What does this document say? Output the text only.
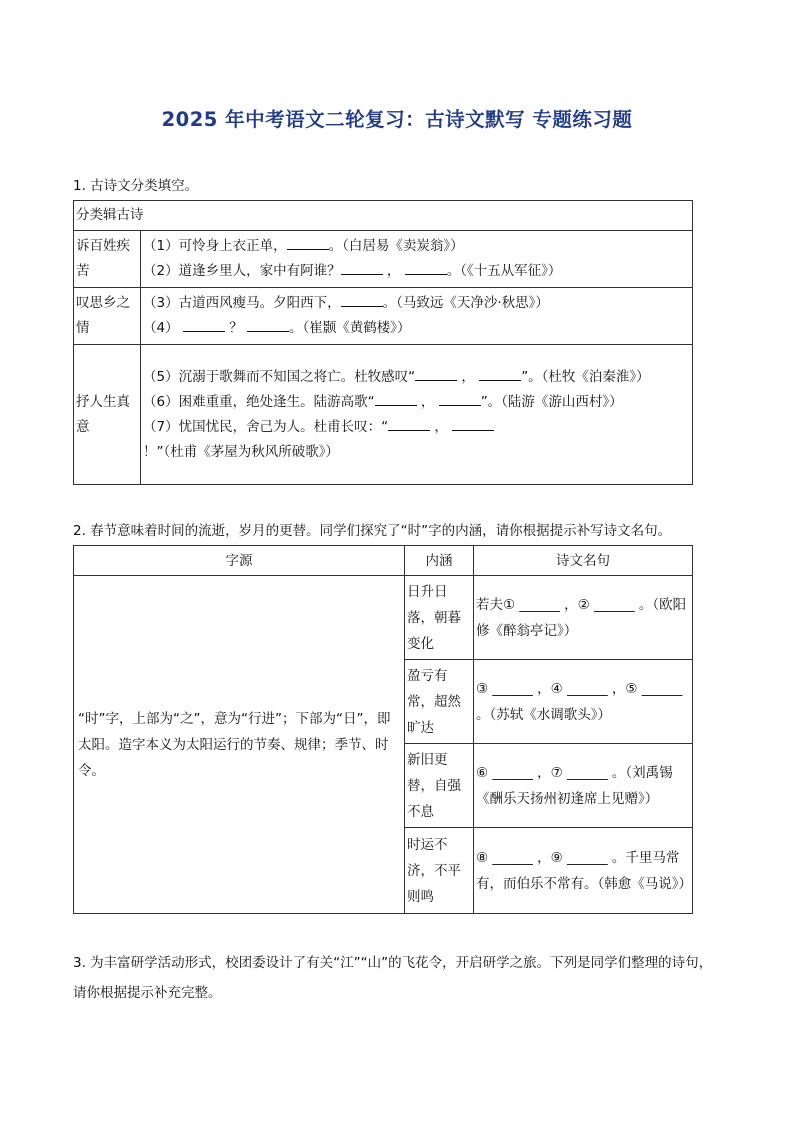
2025 年中考语文二轮复习：古诗文默写 专题练习题
1. 古诗文分类填空。
分类辑古诗	
诉百姓疾苦	（1）可怜身上衣正单， 。（白居易《卖炭翁》）
（2）道逢乡里人，家中有阿谁？ ， 。（《十五从军征》）

叹思乡之情	（3）古道西风瘦马。夕阳西下， 。（马致远《天净沙·秋思》）
（4） ？ 。（崔颢《黄鹤楼》）

抒人生真意	（5）沉溺于歌舞而不知国之将亡。杜牧感叹“ ， ”。（杜牧《泊秦淮》）
（6）困难重重，绝处逢生。陆游高歌“ ， ”。（陆游《游山西村》）
（7）忧国忧民，舍己为人。杜甫长叹：“ ，  ！”（杜甫《茅屋为秋风所破歌》）
2. 春节意味着时间的流逝，岁月的更替。同学们探究了“时”字的内涵，请你根据提示补写诗文名句。
字源	内涵	诗文名句
“时”字，上部为“之”，意为“行进”；下部为“日”，即太阳。造字本义为太阳运行的节奏、规律；季节、时令。	日升日落，朝暮变化	若夫① ______ ，② ______ 。（欧阳修《醉翁亭记》）
	盈亏有常，超然旷达	③ ______ ，④ ______ ，⑤ ______ 。（苏轼《水调歌头》）
	新旧更替，自强不息	⑥ ______ ，⑦ ______ 。（刘禹锡《酬乐天扬州初逢席上见赠》）
	时运不济，不平则鸣	⑧ ______ ，⑨ ______ 。千里马常有，而伯乐不常有。（韩愈《马说》）
3. 为丰富研学活动形式，校团委设计了有关“江”“山”的飞花令，开启研学之旅。下列是同学们整理的诗句，请你根据提示补充完整。
